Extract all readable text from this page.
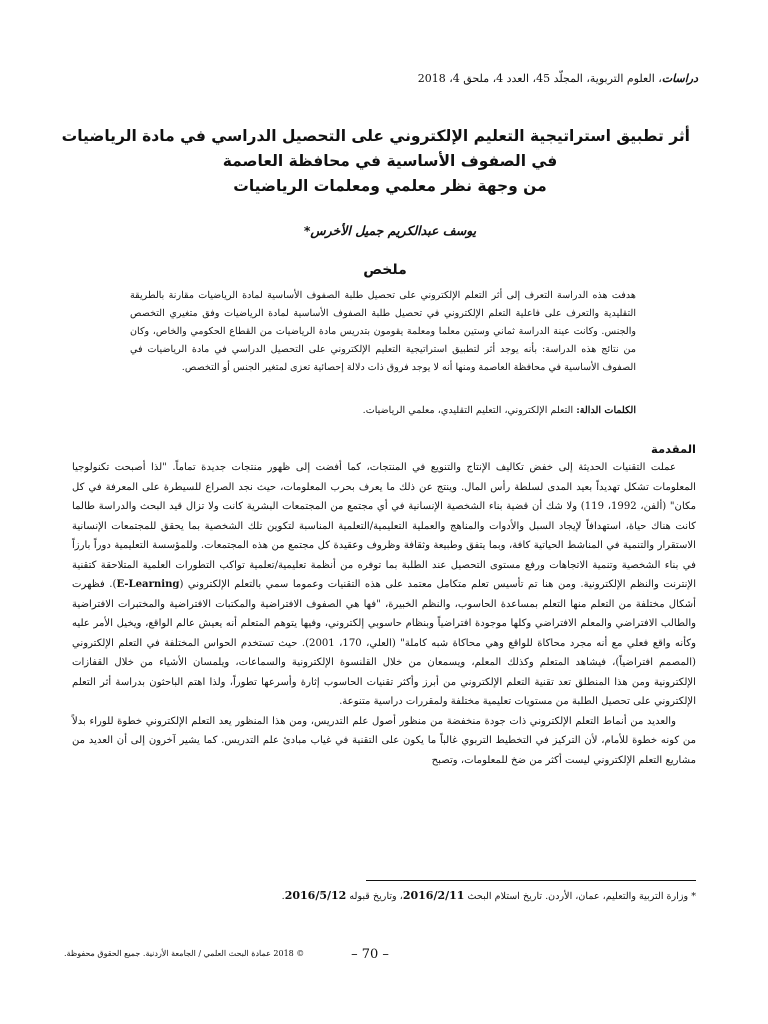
دراسات، العلوم التربوية، المجلّد 45، العدد 4، ملحق 4، 2018
أثر تطبيق استراتيجية التعليم الإلكتروني على التحصيل الدراسي في مادة الرياضيات
في الصفوف الأساسية في محافظة العاصمة
من وجهة نظر معلمي ومعلمات الرياضيات
يوسف عبدالكريم جميل الأخرس*
ملخص
هدفت هذه الدراسة التعرف إلى أثر التعلم الإلكتروني على تحصيل طلبة الصفوف الأساسية لمادة الرياضيات مقارنة بالطريقة التقليدية والتعرف على فاعلية التعلم الإلكتروني في تحصيل طلبة الصفوف الأساسية لمادة الرياضيات وفق متغيري التخصص والجنس. وكانت عينة الدراسة ثماني وستين معلما ومعلمة يقومون بتدريس مادة الرياضيات من القطاع الحكومي والخاص، وكان من نتائج هذه الدراسة: بأنه يوجد أثر لتطبيق استراتيجية التعليم الإلكتروني على التحصيل الدراسي في مادة الرياضيات في الصفوف الأساسية في محافظة العاصمة ومنها أنه لا يوجد فروق ذات دلالة إحصائية تعزى لمتغير الجنس أو التخصص.
الكلمات الدالة: التعلم الإلكتروني، التعليم التقليدي، معلمي الرياضيات.
المقدمة

عملت التقنيات الحديثة إلى خفض تكاليف الإنتاج والتنويع في المنتجات، كما أفضت إلى ظهور منتجات جديدة تماماً. "لذا أصبحت تكنولوجيا المعلومات تشكل تهديداً بعيد المدى لسلطة رأس المال. وينتج عن ذلك ما يعرف بحرب المعلومات، حيث نجد الصراع للسيطرة على المعرفة في كل مكان" (ألفن، 1992، 119) ولا شك أن قضية بناء الشخصية الإنسانية في أي مجتمع من المجتمعات البشرية كانت ولا تزال قيد البحث والدراسة طالما كانت هناك حياة، استهدافاً لإيجاد السبل والأدوات والمناهج والعملية التعليمية/التعلمية المناسبة لتكوين تلك الشخصية بما يحقق للمجتمعات الإنسانية الاستقرار والتنمية في المناشط الحياتية كافة، وبما يتفق وطبيعة وثقافة وظروف وعقيدة كل مجتمع من هذه المجتمعات. وللمؤسسة التعليمية دوراً بارزاً في بناء الشخصية وتنمية الاتجاهات ورفع مستوى التحصيل عند الطلبة بما توفره من أنظمة تعليمية/تعلمية تواكب التطورات العلمية المتلاحقة كتقنية الإنترنت والنظم الإلكترونية. ومن هنا تم تأسيس تعلم متكامل معتمد على هذه التقنيات وعموما سمي بالتعلم الإلكتروني (E-Learning). فظهرت أشكال مختلفة من التعلم منها التعلم بمساعدة الحاسوب، والنظم الخبيرة، "فها هي الصفوف الافتراضية والمكتبات الافتراضية والمختبرات الافتراضية والطالب الافتراضي والمعلم الافتراضي وكلها موجودة افتراضياً وبنظام حاسوبي إلكتروني، وفيها يتوهم المتعلم أنه يعيش عالم الواقع، ويخيل الأمر عليه وكأنه واقع فعلي مع أنه مجرد محاكاة للواقع وهي محاكاة شبه كاملة" (العلي، 170، 2001). حيث تستخدم الحواس المختلفة في التعلم الإلكتروني (المصمم افتراضياً)، فيشاهد المتعلم وكذلك المعلم، ويسمعان من خلال القلنسوة الإلكترونية والسماعات، ويلمسان الأشياء من خلال القفازات الإلكترونية ومن هذا المنطلق تعد تقنية التعلم الإلكتروني من أبرز وأكثر تقنيات الحاسوب إثارة وأسرعها تطوراً، ولذا اهتم الباحثون بدراسة أثر التعلم الإلكتروني على تحصيل الطلبة من مستويات تعليمية مختلفة ولمقررات دراسية متنوعة.

والعديد من أنماط التعلم الإلكتروني ذات جودة منخفضة من منظور أصول علم التدريس، ومن هذا المنظور يعد التعلم الإلكتروني خطوة للوراء بدلاً من كونه خطوة للأمام، لأن التركيز في التخطيط التربوي غالباً ما يكون على التقنية في غياب مبادئ علم التدريس. كما يشير آخرون إلى أن العديد من مشاريع التعلم الإلكتروني ليست أكثر من ضخ للمعلومات، وتصبح

* وزارة التربية والتعليم، عمان، الأردن. تاريخ استلام البحث 2016/2/11، وتاريخ قبوله 2016/5/12.
– 70 –
© 2018 عمادة البحث العلمي / الجامعة الأردنية. جميع الحقوق محفوظة.
